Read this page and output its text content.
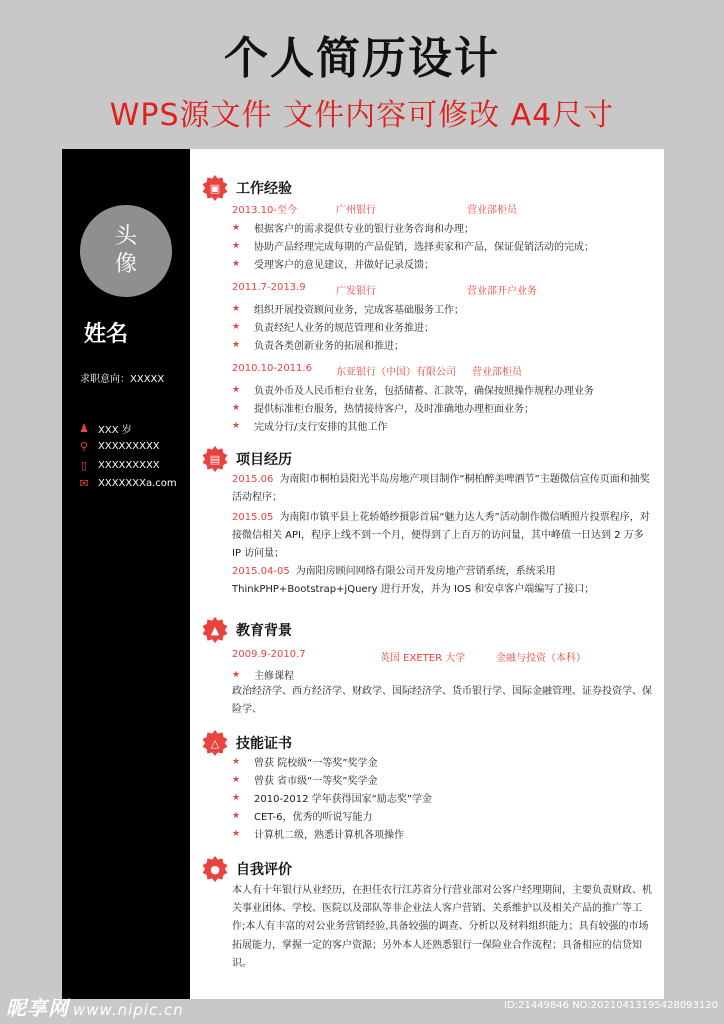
个人简历设计
WPS源文件 文件内容可修改 A4尺寸
头像
姓名
求职意向：XXXXX
♟ XXX 岁
⚲ XXXXXXXXX
▯	XXXXXXXXX
✉ XXXXXXXa.com
▣ 工作经验
2013.10-至今	广州银行	营业部柜员
★	根据客户的需求提供专业的银行业务咨询和办理；
★	协助产品经理完成每期的产品促销，选择卖家和产品，保证促销活动的完成；
★	受理客户的意见建议，并做好记录反馈；
2011.7-2013.9	广发银行	营业部开户业务
★	组织开展投资顾问业务，完成客基础服务工作；
★	负责经纪人业务的规范管理和业务推进；
★	负责各类创新业务的拓展和推进；
2010.10-2011.6 东亚银行（中国）有限公司 营业部柜员
★	负责外币及人民币柜台业务，包括储蓄、汇款等，确保按照操作规程办理业务
★	提供标准柜台服务，热情接待客户，及时准确地办理柜面业务；
★	完成分行/支行安排的其他工作
▤ 项目经历
2015.06 为南阳市桐柏县阳光半岛房地产项目制作“桐柏醉美啤酒节”主题微信宣传页面和抽奖活动程序；
2015.05 为南阳市镇平县上花轿婚纱摄影首届“魅力达人秀”活动制作微信晒照片投票程序，对接微信相关 API，程序上线不到一个月，便得到了上百万的访问量，其中峰值一日达到 2 万多 IP 访问量；
2015.04-05 为南阳房顾问网络有限公司开发房地产营销系统，系统采用 ThinkPHP+Bootstrap+jQuery 进行开发，并为 IOS 和安卓客户端编写了接口；
▲ 教育背景
2009.9-2010.7	英国 EXETER 大学	金融与投资（本科）
★	主修课程
政治经济学、西方经济学、财政学、国际经济学、货币银行学、国际金融管理、证券投资学、保险学、
△ 技能证书
★	曾获 院校级“一等奖”奖学金
★	曾获 省市级“一等奖”奖学金
★	2010-2012 学年获得国家“励志奖”学金
★	CET-6，优秀的听说写能力
★	计算机二级，熟悉计算机各项操作
● 自我评价
本人有十年银行从业经历，在担任农行江苏省分行营业部对公客户经理期间，主要负责财政、机关事业团体、学校、医院以及部队等非企业法人客户营销、关系维护以及相关产品的推广等工作;本人有丰富的对公业务营销经验,具备较强的调查、分析以及材料组织能力；具有较强的市场拓展能力，掌握一定的客户资源；另外本人还熟悉银行一保险业合作流程；具备相应的信贷知识。
昵享网 www.nipic.cn	ID:21449846 NO:20210413195428093120
